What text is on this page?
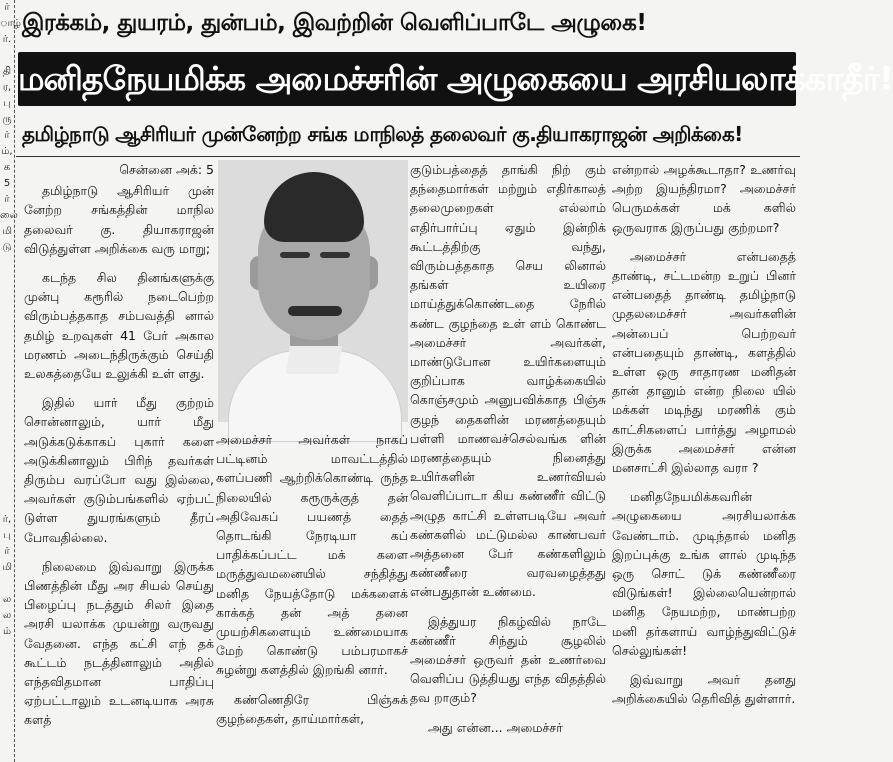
ர்
ாழ்
ர்.

தி
ர,
பு
ரு
ர்
ம்,
க
5
ர்
லை
மி
டு

ர்,
பு
ர்
மி

ல
ல
ம்
இரக்கம், துயரம், துன்பம், இவற்றின் வெளிப்பாடே அழுகை!
மனிதநேயமிக்க அமைச்சரின் அழுகையை அரசியலாக்காதீர்!
தமிழ்நாடு ஆசிரியர் முன்னேற்ற சங்க மாநிலத் தலைவர் கு.தியாகராஜன் அறிக்கை!
சென்னை அக்: 5

தமிழ்நாடு ஆசிரியர் முன் னேற்ற சங்கத்தின் மாநில தலைவர் கு. தியாகராஜன் விடுத்துள்ள அறிக்கை வரு மாறு;

கடந்த சில தினங்களுக்கு முன்பு கரூரில் நடைபெற்ற விரும்பத்தகாத சம்பவத்தி னால் தமிழ் உறவுகள் 41 பேர் அகால மரணம் அடைந்திருக்கும் செய்தி உலகத்தையே உலுக்கி உள் ளது.

இதில் யார் மீது குற்றம் சொன்னாலும், யார் மீது அடுக்கடுக்காகப் புகார் களை அடுக்கினாலும் பிரிந் தவர்கள் திரும்ப வரப்போ வது இல்லை, அவர்கள் குடும்பங்களில் ஏற்பட் டுள்ள துயரங்களும் தீரப் போவதில்லை.

நிலைமை இவ்வாறு இருக்க பிணத்தின் மீது அர சியல் செய்து பிழைப்பு நடத்தும் சிலர் இதை அரசி யலாக்க முயன்று வருவது வேதனை. எந்த கட்சி எந் தக் கூட்டம் நடத்தினாலும் அதில் எந்தவிதமான பாதிப்பு ஏற்பட்டாலும் உடனடியாக அரசு களத்

அமைச்சர் அவர்கள் நாகப் பட்டினம் மாவட்டத்தில் களப்பணி ஆற்றிக்கொண்டி ருந்த நிலையில் கரூருக்குத் தன் அதிவேகப் பயணத் தைத் தொடங்கி நேரடியா கப் பாதிக்கப்பட்ட மக் களை மருத்துவமனையில் சந்தித்து மனித நேயத்தோடு மக்களைக் காக்கத் தன் அத் தனை முயற்சிகளையும் உண்மையாக மேற் கொண்டு பம்பரமாகச் சுழன்று களத்தில் இறங்கி னார்.

கண்ணெதிரே பிஞ்சுக் குழந்தைகள், தாய்மார்கள்,

குடும்பத்தைத் தாங்கி நிற் கும் தந்தைமார்கள் மற்றும் எதிர்காலத் தலைமுறைகள் எல்லாம் எதிர்பார்ப்பு ஏதும் இன்றிக் கூட்டத்திற்கு வந்து, விரும்பத்தகாத செய லினால் தங்கள் உயிரை மாய்த்துக்கொண்டதை நேரில் கண்ட குழந்தை உள் ளம் கொண்ட அமைச்சர் அவர்கள், மாண்டுபோன உயிர்களையும் குறிப்பாக வாழ்க்கையில் கொஞ்சமும் அனுபவிக்காத பிஞ்சு குழந் தைகளின் மரணத்தையும் பள்ளி மாணவச்செல்வங்க ளின் மரணத்தையும் நினைத்து உயிர்களின் உணர்வியல் வெளிப்பாடா கிய கண்ணீர் விட்டு அழுத காட்சி உள்ளபடியே அவர் கண்களில் மட்டுமல்ல காண்பவர் அத்தனை பேர் கண்களிலும் கண்ணீரை வரவழைத்தது என்பதுதான் உண்மை.

இத்துயர நிகழ்வில் நாடே கண்ணீர் சிந்தும் சூழலில் அமைச்சர் ஒருவர் தன் உணர்வை வெளிப்ப டுத்தியது எந்த விதத்தில் தவ றாகும்?

அது என்ன... அமைச்சர்

என்றால் அழக்கூடாதா? உணர்வு அற்ற இயந்திரமா? அமைச்சர் பெருமக்கள் மக் களில் ஒருவராக இருப்பது குற்றமா?

அமைச்சர் என்பதைத் தாண்டி, சட்டமன்ற உறுப் பினர் என்பதைத் தாண்டி தமிழ்நாடு முதலமைச்சர் அவர்களின் அன்பைப் பெற்றவர் என்பதையும் தாண்டி, களத்தில் உள்ள ஒரு சாதாரண மனிதன் தான் தானும் என்ற நிலை யில் மக்கள் மடிந்து மரணிக் கும் காட்சிகளைப் பார்த்து அழாமல் இருக்க அமைச்சர் என்ன மனசாட்சி இல்லாத வரா ?

மனிதநேயமிக்கவரின் அழுகையை அரசியலாக்க வேண்டாம். முடிந்தால் மனித இறப்புக்கு உங்க ளால் முடிந்த ஒரு சொட் டுக் கண்ணீரை விடுங்கள்! இல்லையென்றால் மனித நேயமற்ற, மாண்பற்ற மனி தர்களாய் வாழ்ந்துவிட்டுச் செல்லுங்கள்!

இவ்வாறு அவர் தனது அறிக்கையில் தெரிவித் துள்ளார்.
